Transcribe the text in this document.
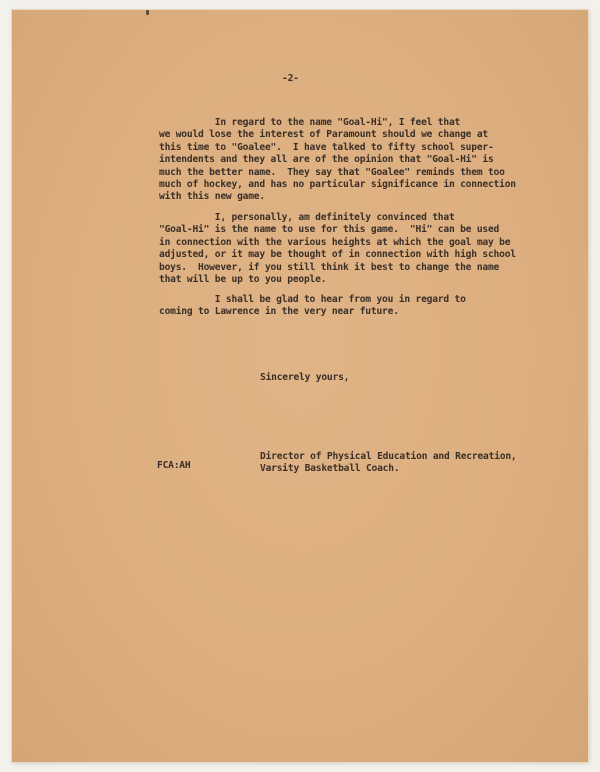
-2-

In regard to the name "Goal-Hi", I feel that
we would lose the interest of Paramount should we change at
this time to "Goalee".  I have talked to fifty school super-
intendents and they all are of the opinion that "Goal-Hi" is
much the better name.  They say that "Goalee" reminds them too
much of hockey, and has no particular significance in connection
with this new game.

I, personally, am definitely convinced that
"Goal-Hi" is the name to use for this game.  "Hi" can be used
in connection with the various heights at which the goal may be
adjusted, or it may be thought of in connection with high school
boys.  However, if you still think it best to change the name
that will be up to you people.

I shall be glad to hear from you in regard to
coming to Lawrence in the very near future.

Sincerely yours,

Director of Physical Education and Recreation,
Varsity Basketball Coach.

FCA:AH
